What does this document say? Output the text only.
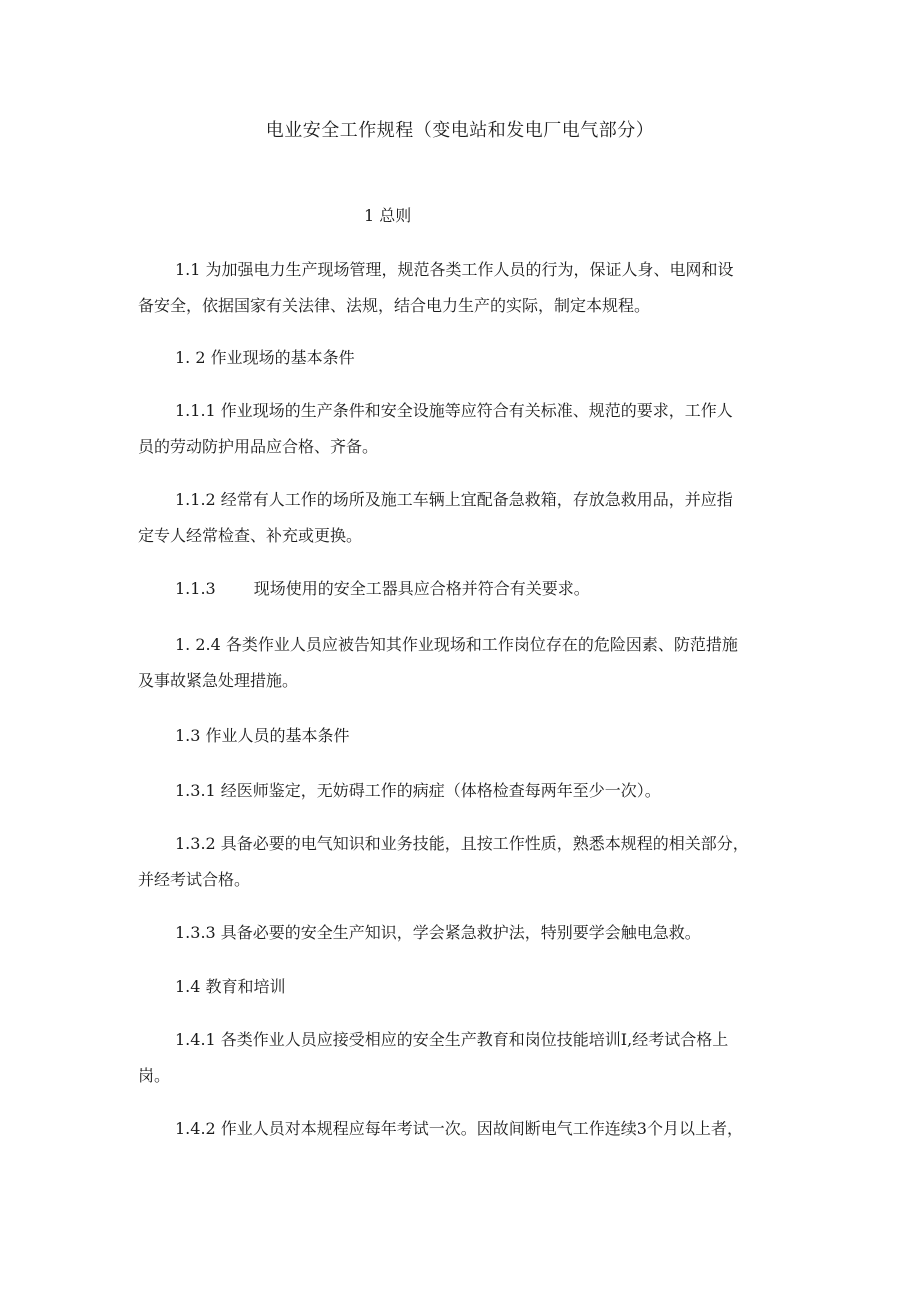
电业安全工作规程（变电站和发电厂电气部分）
1 总则

1.1 为加强电力生产现场管理，规范各类工作人员的行为，保证人身、电网和设
备安全，依据国家有关法律、法规，结合电力生产的实际，制定本规程。

1. 2 作业现场的基本条件

1.1.1 作业现场的生产条件和安全设施等应符合有关标准、规范的要求，工作人
员的劳动防护用品应合格、齐备。

1.1.2 经常有人工作的场所及施工车辆上宜配备急救箱，存放急救用品，并应指
定专人经常检查、补充或更换。

1.1.3 现场使用的安全工器具应合格并符合有关要求。

1. 2.4 各类作业人员应被告知其作业现场和工作岗位存在的危险因素、防范措施
及事故紧急处理措施。

1.3 作业人员的基本条件

1.3.1 经医师鉴定，无妨碍工作的病症（体格检查每两年至少一次）。

1.3.2 具备必要的电气知识和业务技能，且按工作性质，熟悉本规程的相关部分，
并经考试合格。

1.3.3 具备必要的安全生产知识，学会紧急救护法，特别要学会触电急救。

1.4 教育和培训

1.4.1 各类作业人员应接受相应的安全生产教育和岗位技能培训I,经考试合格上
岗。

1.4.2 作业人员对本规程应每年考试一次。因故间断电气工作连续3个月以上者，
